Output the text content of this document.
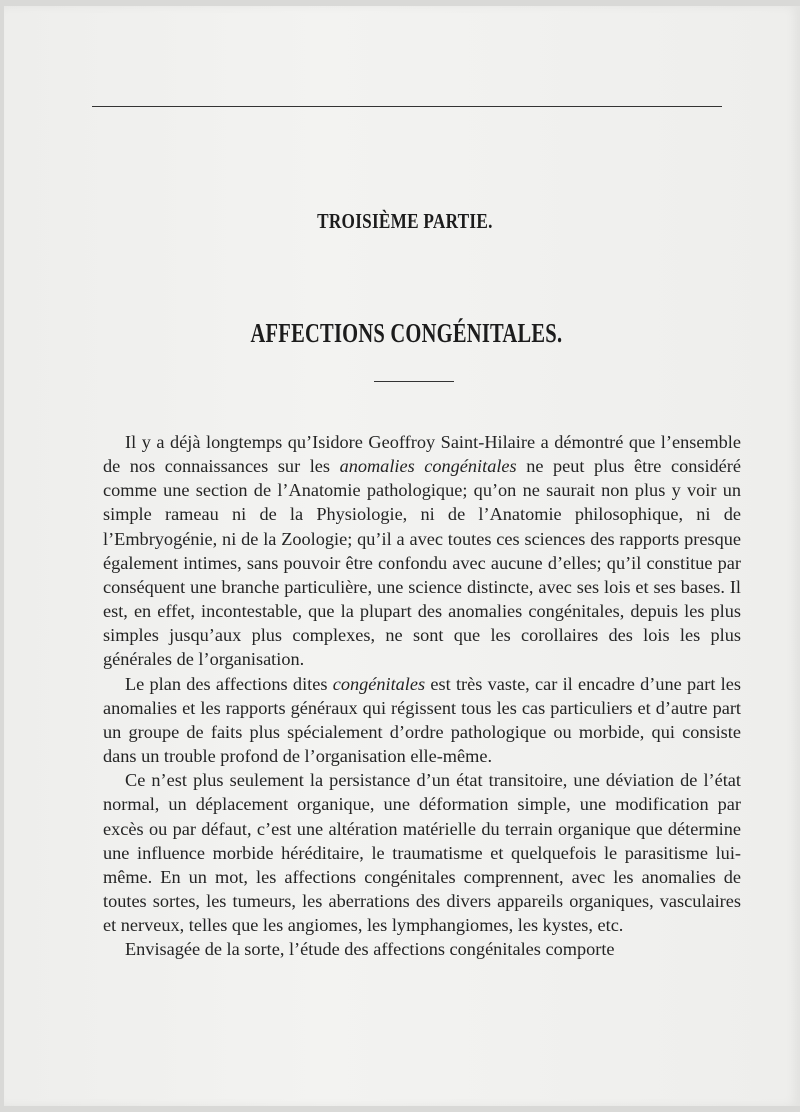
TROISIÈME PARTIE.
AFFECTIONS CONGÉNITALES.

Il y a déjà longtemps qu’Isidore Geoffroy Saint-Hilaire a démontré que l’ensemble de nos connaissances sur les anomalies congénitales ne peut plus être considéré comme une section de l’Anatomie pathologique; qu’on ne saurait non plus y voir un simple rameau ni de la Physiologie, ni de l’Anatomie philosophique, ni de l’Embryogénie, ni de la Zoologie; qu’il a avec toutes ces sciences des rapports presque également intimes, sans pouvoir être confondu avec aucune d’elles; qu’il constitue par conséquent une branche particulière, une science distincte, avec ses lois et ses bases. Il est, en effet, incontestable, que la plupart des anomalies congénitales, depuis les plus simples jusqu’aux plus complexes, ne sont que les corollaires des lois les plus générales de l’organisation.

Le plan des affections dites congénitales est très vaste, car il encadre d’une part les anomalies et les rapports généraux qui régissent tous les cas particuliers et d’autre part un groupe de faits plus spécialement d’ordre pathologique ou morbide, qui consiste dans un trouble profond de l’organisation elle-même.

Ce n’est plus seulement la persistance d’un état transitoire, une déviation de l’état normal, un déplacement organique, une déformation simple, une modification par excès ou par défaut, c’est une altération matérielle du terrain organique que détermine une influence morbide héréditaire, le traumatisme et quelquefois le parasitisme lui-même. En un mot, les affections congénitales comprennent, avec les anomalies de toutes sortes, les tumeurs, les aberrations des divers appareils organiques, vasculaires et nerveux, telles que les angiomes, les lymphangiomes, les kystes, etc.

Envisagée de la sorte, l’étude des affections congénitales comporte
